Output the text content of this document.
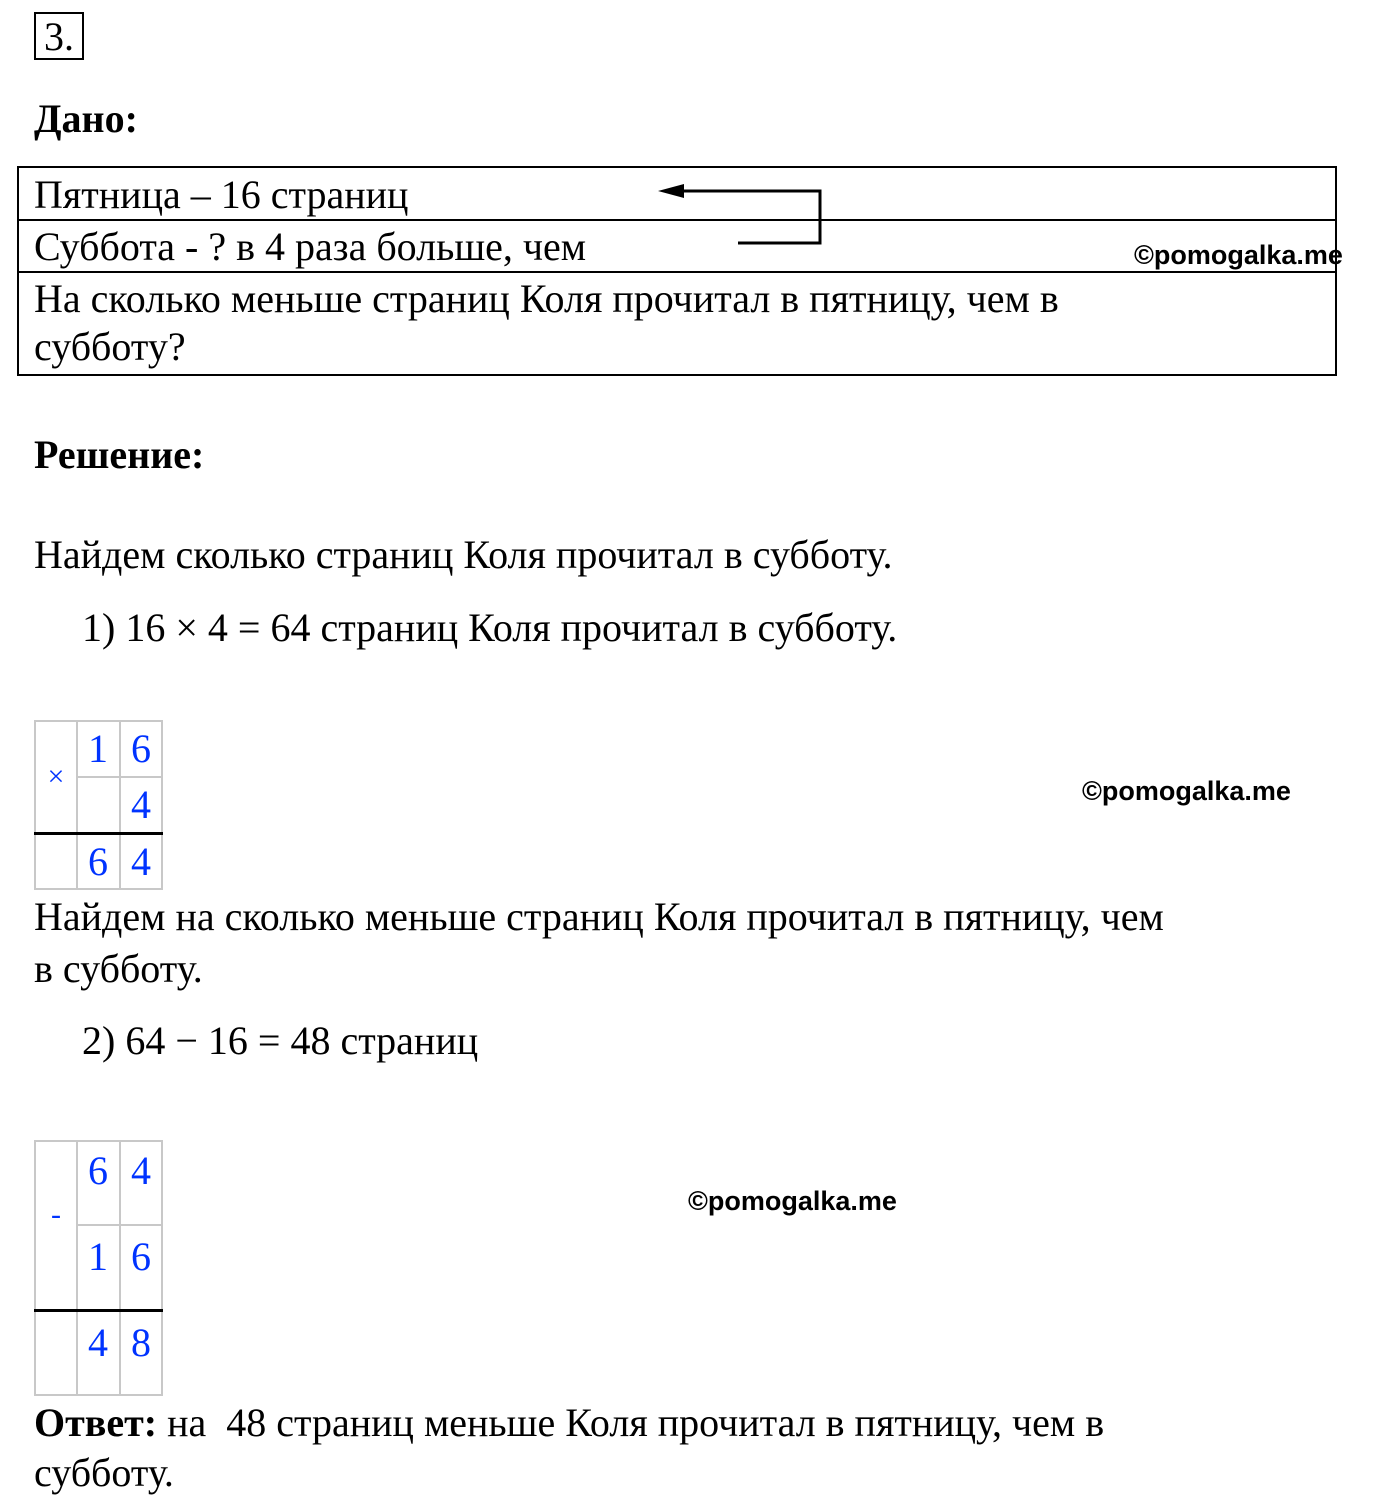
3.
Дано:
Пятница – 16 страниц
Суббота - ? в 4 раза больше, чем
На сколько меньше страниц Коля прочитал в пятницу, чем в
субботу?
©pomogalka.me
Решение:
Найдем сколько страниц Коля прочитал в субботу.
1) 16 × 4 = 64 страниц Коля прочитал в субботу.
×
1 6
4
6 4
©pomogalka.me
Найдем на сколько меньше страниц Коля прочитал в пятницу, чем
в субботу.
2) 64 − 16 = 48 страниц
-
6 4
1 6
4 8
©pomogalka.me
Ответ: на  48 страниц меньше Коля прочитал в пятницу, чем в
субботу.
